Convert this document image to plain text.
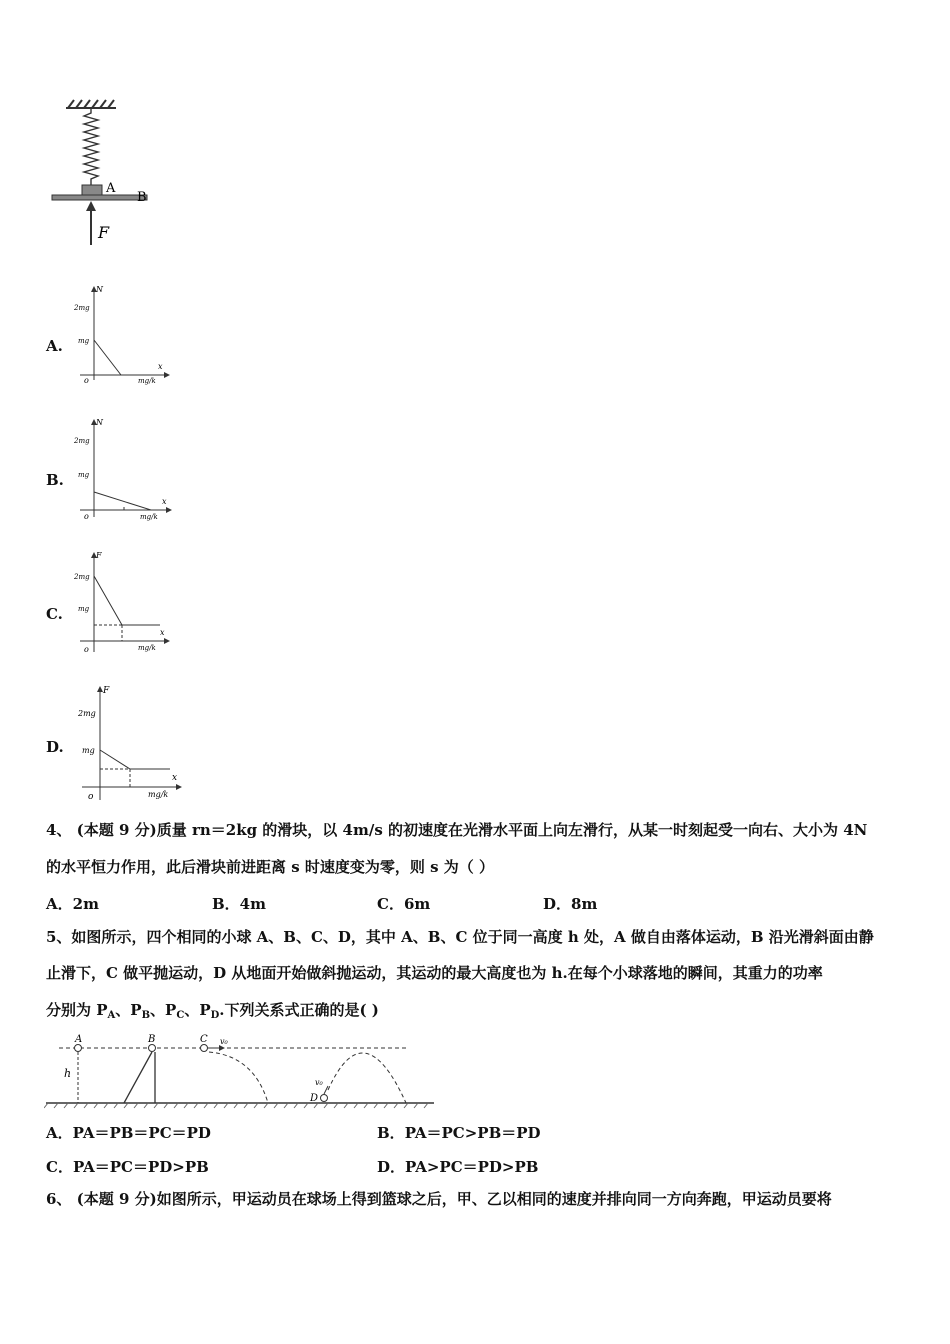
A
B
F
A.
N
2mg
mg
x
mg/k
o
B.
N
2mg
mg
x
mg/k
o
C.
F
2mg
mg
x
mg/k
o
D.
F
2mg
mg
x
mg/k
o
4、 (本题 9 分)质量 rn＝2kg 的滑块，以 4m/s 的初速度在光滑水平面上向左滑行，从某一时刻起受一向右、大小为 4N
的水平恒力作用，此后滑块前进距离 s 时速度变为零，则 s 为（ ）
A．2m	B．4m	C．6m	D．8m
5、如图所示，四个相同的小球 A、B、C、D，其中 A、B、C 位于同一高度 h 处，A 做自由落体运动，B 沿光滑斜面由静
止滑下，C 做平抛运动，D 从地面开始做斜抛运动，其运动的最大高度也为 h.在每个小球落地的瞬间，其重力的功率
分别为 $P_A$、$P_B$、$P_C$、$P_D$.下列关系式正确的是( )
A
h
B	C v₀
D
v₀
A．PA＝PB＝PC＝PD	B．PA＝PC>PB＝PD
C．PA＝PC＝PD>PB	D．PA>PC＝PD>PB
6、 (本题 9 分)如图所示，甲运动员在球场上得到篮球之后，甲、乙以相同的速度并排向同一方向奔跑，甲运动员要将
